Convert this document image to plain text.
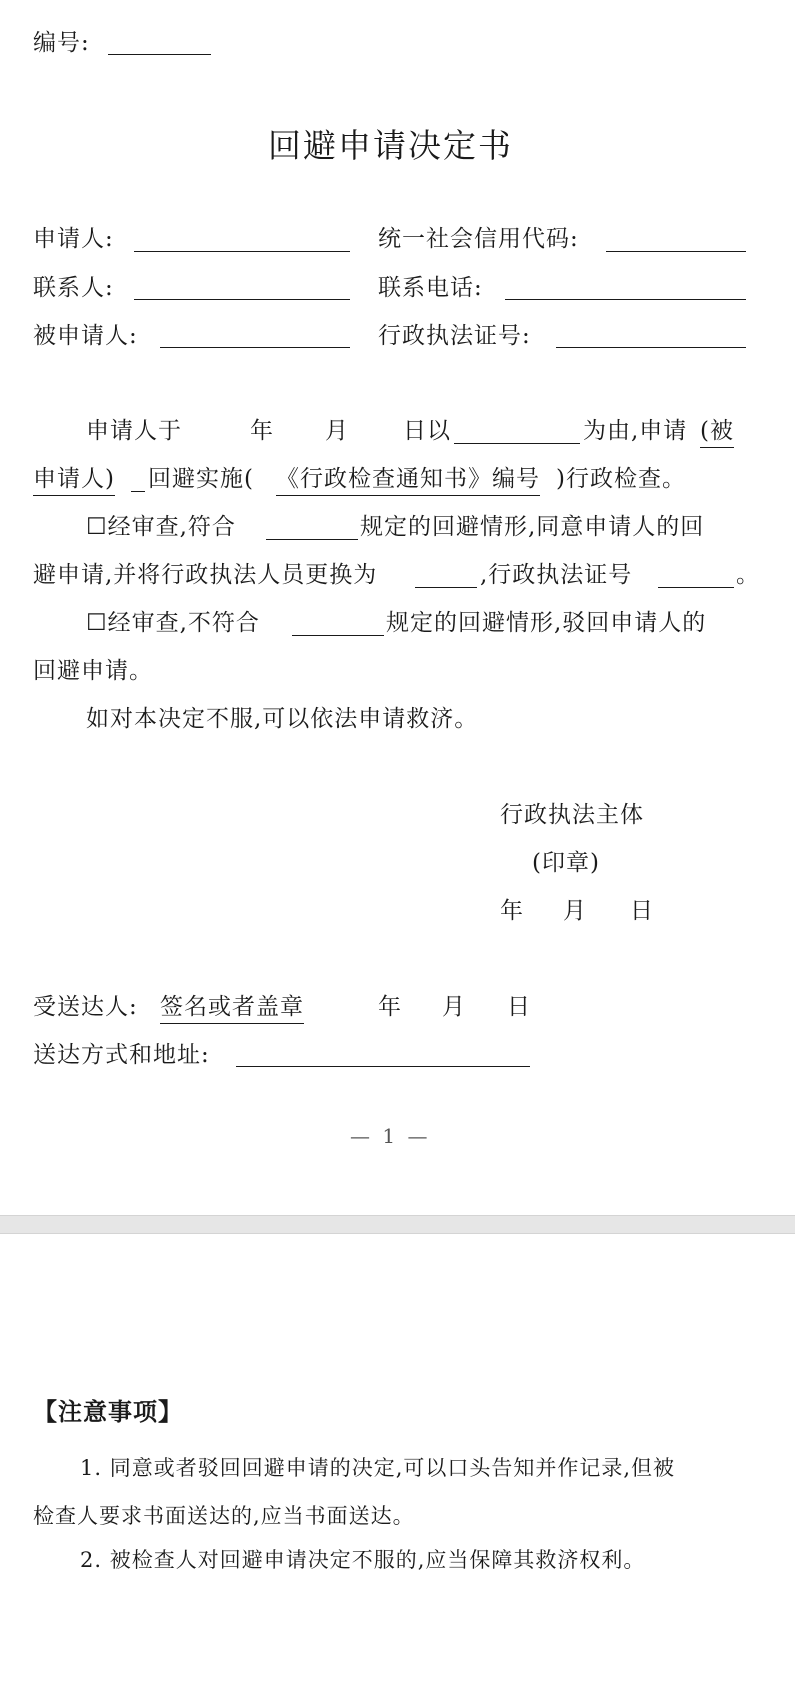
编号:
回避申请决定书
申请人:	统一社会信用代码:
联系人:	联系电话:
被申请人:	行政执法证号:
申请人于	年 月 日以	为由,申请 (被
申请人) 回避实施( 《行政检查通知书》编号 )行政检查。
☐经审查,符合	规定的回避情形,同意申请人的回
避申请,并将行政执法人员更换为	,行政执法证号	。
☐经审查,不符合	规定的回避情形,驳回申请人的
回避申请。
如对本决定不服,可以依法申请救济。
行政执法主体
(印章)
年 月 日
受送达人: 签名或者盖章	年 月 日
送达方式和地址:
— 1 —
【注意事项】
1. 同意或者驳回回避申请的决定,可以口头告知并作记录,但被
检查人要求书面送达的,应当书面送达。
2. 被检查人对回避申请决定不服的,应当保障其救济权利。
